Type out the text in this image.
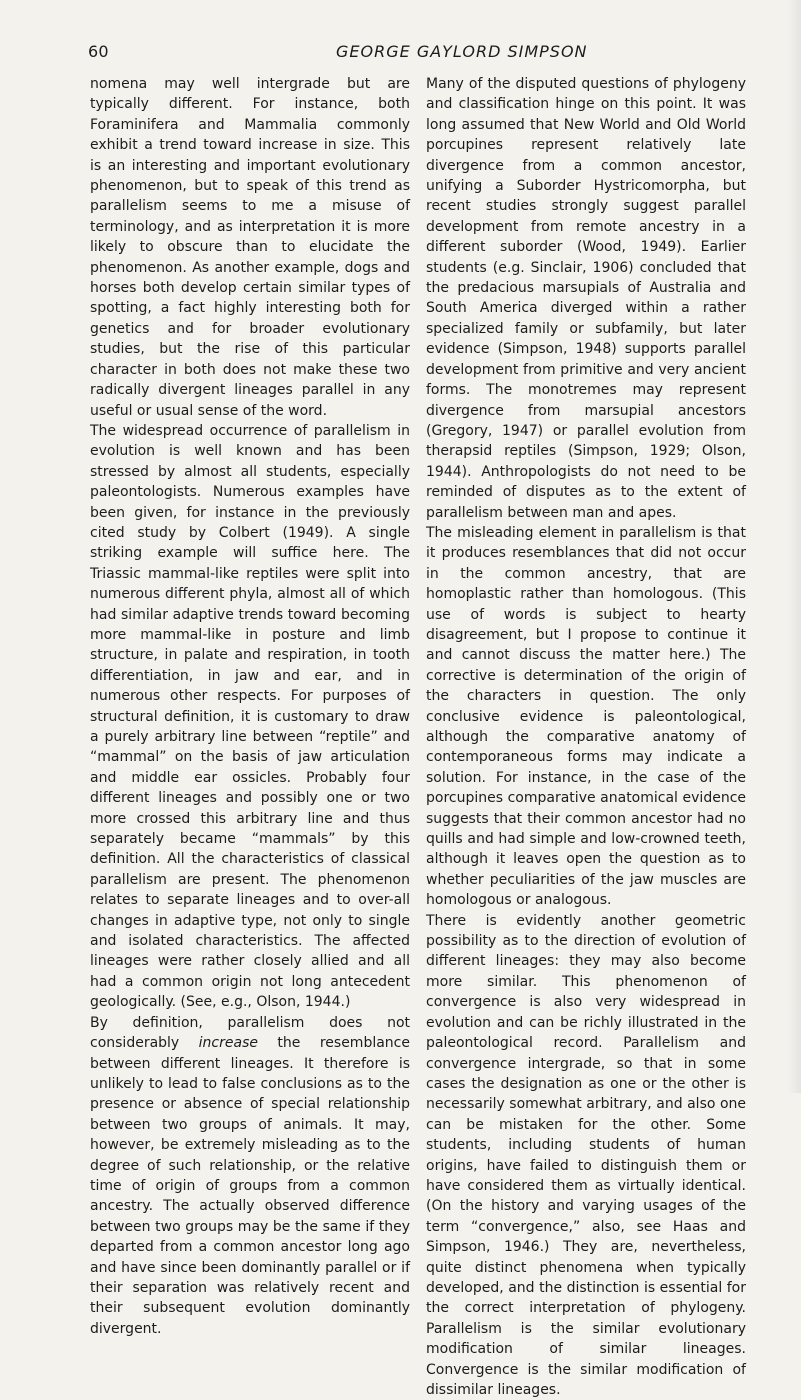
60	GEORGE GAYLORD SIMPSON

nomena may well intergrade but are typically different. For instance, both Foraminifera and Mammalia commonly exhibit a trend toward increase in size. This is an interesting and important evolutionary phenomenon, but to speak of this trend as parallelism seems to me a misuse of terminology, and as interpretation it is more likely to obscure than to elucidate the phenomenon. As another example, dogs and horses both develop certain similar types of spotting, a fact highly interesting both for genetics and for broader evolutionary studies, but the rise of this particular character in both does not make these two radically divergent lineages parallel in any useful or usual sense of the word.

The widespread occurrence of parallelism in evolution is well known and has been stressed by almost all students, especially paleontologists. Numerous examples have been given, for instance in the previously cited study by Colbert (1949). A single striking example will suffice here. The Triassic mammal-like reptiles were split into numerous different phyla, almost all of which had similar adaptive trends toward becoming more mammal-like in posture and limb structure, in palate and respiration, in tooth differentiation, in jaw and ear, and in numerous other respects. For purposes of structural definition, it is customary to draw a purely arbitrary line between “reptile” and “mammal” on the basis of jaw articulation and middle ear ossicles. Probably four different lineages and possibly one or two more crossed this arbitrary line and thus separately became “mammals” by this definition. All the characteristics of classical parallelism are present. The phenomenon relates to separate lineages and to over-all changes in adaptive type, not only to single and isolated characteristics. The affected lineages were rather closely allied and all had a common origin not long antecedent geologically. (See, e.g., Olson, 1944.)

By definition, parallelism does not considerably increase the resemblance between different lineages. It therefore is unlikely to lead to false conclusions as to the presence or absence of special relationship between two groups of animals. It may, however, be extremely misleading as to the degree of such relationship, or the relative time of origin of groups from a common ancestry. The actually observed difference between two groups may be the same if they departed from a common ancestor long ago and have since been dominantly parallel or if their separation was relatively recent and their subsequent evolution dominantly divergent.

Many of the disputed questions of phylogeny and classification hinge on this point. It was long assumed that New World and Old World porcupines represent relatively late divergence from a common ancestor, unifying a Suborder Hystricomorpha, but recent studies strongly suggest parallel development from remote ancestry in a different suborder (Wood, 1949). Earlier students (e.g. Sinclair, 1906) concluded that the predacious marsupials of Australia and South America diverged within a rather specialized family or subfamily, but later evidence (Simpson, 1948) supports parallel development from primitive and very ancient forms. The monotremes may represent divergence from marsupial ancestors (Gregory, 1947) or parallel evolution from therapsid reptiles (Simpson, 1929; Olson, 1944). Anthropologists do not need to be reminded of disputes as to the extent of parallelism between man and apes.

The misleading element in parallelism is that it produces resemblances that did not occur in the common ancestry, that are homoplastic rather than homologous. (This use of words is subject to hearty disagreement, but I propose to continue it and cannot discuss the matter here.) The corrective is determination of the origin of the characters in question. The only conclusive evidence is paleontological, although the comparative anatomy of contemporaneous forms may indicate a solution. For instance, in the case of the porcupines comparative anatomical evidence suggests that their common ancestor had no quills and had simple and low-crowned teeth, although it leaves open the question as to whether peculiarities of the jaw muscles are homologous or analogous.

There is evidently another geometric possibility as to the direction of evolution of different lineages: they may also become more similar. This phenomenon of convergence is also very widespread in evolution and can be richly illustrated in the paleontological record. Parallelism and convergence intergrade, so that in some cases the designation as one or the other is necessarily somewhat arbitrary, and also one can be mistaken for the other. Some students, including students of human origins, have failed to distinguish them or have considered them as virtually identical. (On the history and varying usages of the term “convergence,” also, see Haas and Simpson, 1946.) They are, nevertheless, quite distinct phenomena when typically developed, and the distinction is essential for the correct interpretation of phylogeny. Parallelism is the similar evolutionary modification of similar lineages. Convergence is the similar modification of dissimilar lineages.
